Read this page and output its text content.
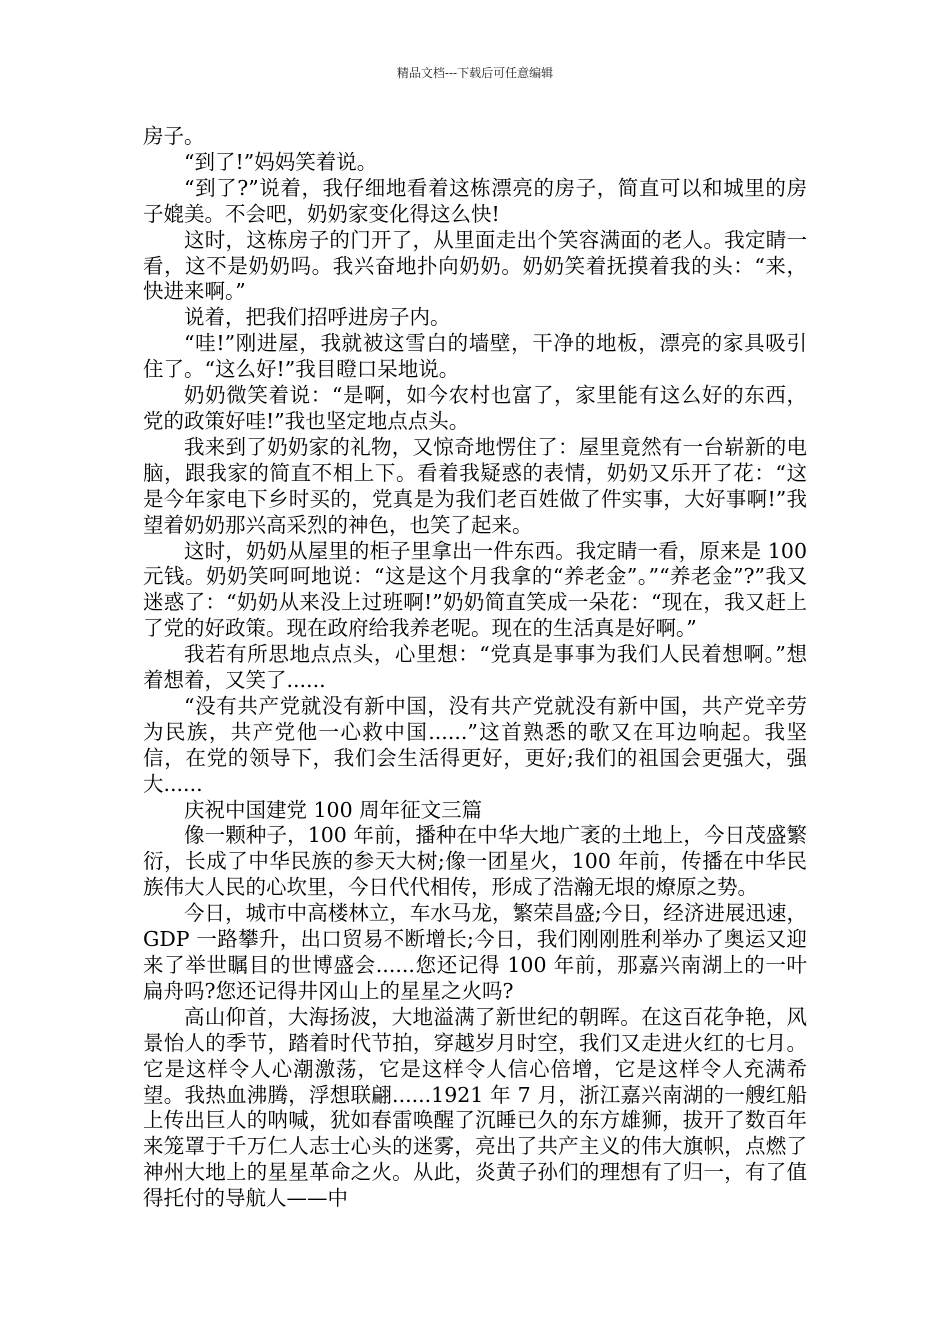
精品文档---下载后可任意编辑

房子。

“到了!”妈妈笑着说。

“到了?”说着，我仔细地看着这栋漂亮的房子，简直可以和城里的房子媲美。不会吧，奶奶家变化得这么快!

这时，这栋房子的门开了，从里面走出个笑容满面的老人。我定睛一看，这不是奶奶吗。我兴奋地扑向奶奶。奶奶笑着抚摸着我的头：“来，快进来啊。”

说着，把我们招呼进房子内。

“哇!”刚进屋，我就被这雪白的墙壁，干净的地板，漂亮的家具吸引住了。“这么好!”我目瞪口呆地说。

奶奶微笑着说：“是啊，如今农村也富了，家里能有这么好的东西，党的政策好哇!”我也坚定地点点头。

我来到了奶奶家的礼物，又惊奇地愣住了：屋里竟然有一台崭新的电脑，跟我家的简直不相上下。看着我疑惑的表情，奶奶又乐开了花：“这是今年家电下乡时买的，党真是为我们老百姓做了件实事，大好事啊!”我望着奶奶那兴高采烈的神色，也笑了起来。

这时，奶奶从屋里的柜子里拿出一件东西。我定睛一看，原来是 100 元钱。奶奶笑呵呵地说：“这是这个月我拿的“养老金”。”“养老金”?”我又迷惑了：“奶奶从来没上过班啊!”奶奶简直笑成一朵花：“现在，我又赶上了党的好政策。现在政府给我养老呢。现在的生活真是好啊。”

我若有所思地点点头，心里想：“党真是事事为我们人民着想啊。”想着想着，又笑了......

“没有共产党就没有新中国，没有共产党就没有新中国，共产党辛劳为民族，共产党他一心救中国......”这首熟悉的歌又在耳边响起。我坚信，在党的领导下，我们会生活得更好，更好;我们的祖国会更强大，强大......

庆祝中国建党 100 周年征文三篇

像一颗种子，100 年前，播种在中华大地广袤的土地上，今日茂盛繁衍，长成了中华民族的参天大树;像一团星火，100 年前，传播在中华民族伟大人民的心坎里，今日代代相传，形成了浩瀚无垠的燎原之势。

今日，城市中高楼林立，车水马龙，繁荣昌盛;今日，经济进展迅速，GDP 一路攀升，出口贸易不断增长;今日，我们刚刚胜利举办了奥运又迎来了举世瞩目的世博盛会......您还记得 100 年前，那嘉兴南湖上的一叶扁舟吗?您还记得井冈山上的星星之火吗?

高山仰首，大海扬波，大地溢满了新世纪的朝晖。在这百花争艳，风景怡人的季节，踏着时代节拍，穿越岁月时空，我们又走进火红的七月。它是这样令人心潮激荡，它是这样令人信心倍增，它是这样令人充满希望。我热血沸腾，浮想联翩......1921 年 7 月，浙江嘉兴南湖的一艘红船上传出巨人的呐喊，犹如春雷唤醒了沉睡已久的东方雄狮，拔开了数百年来笼罩于千万仁人志士心头的迷雾，亮出了共产主义的伟大旗帜，点燃了神州大地上的星星革命之火。从此，炎黄子孙们的理想有了归一，有了值得托付的导航人——中
